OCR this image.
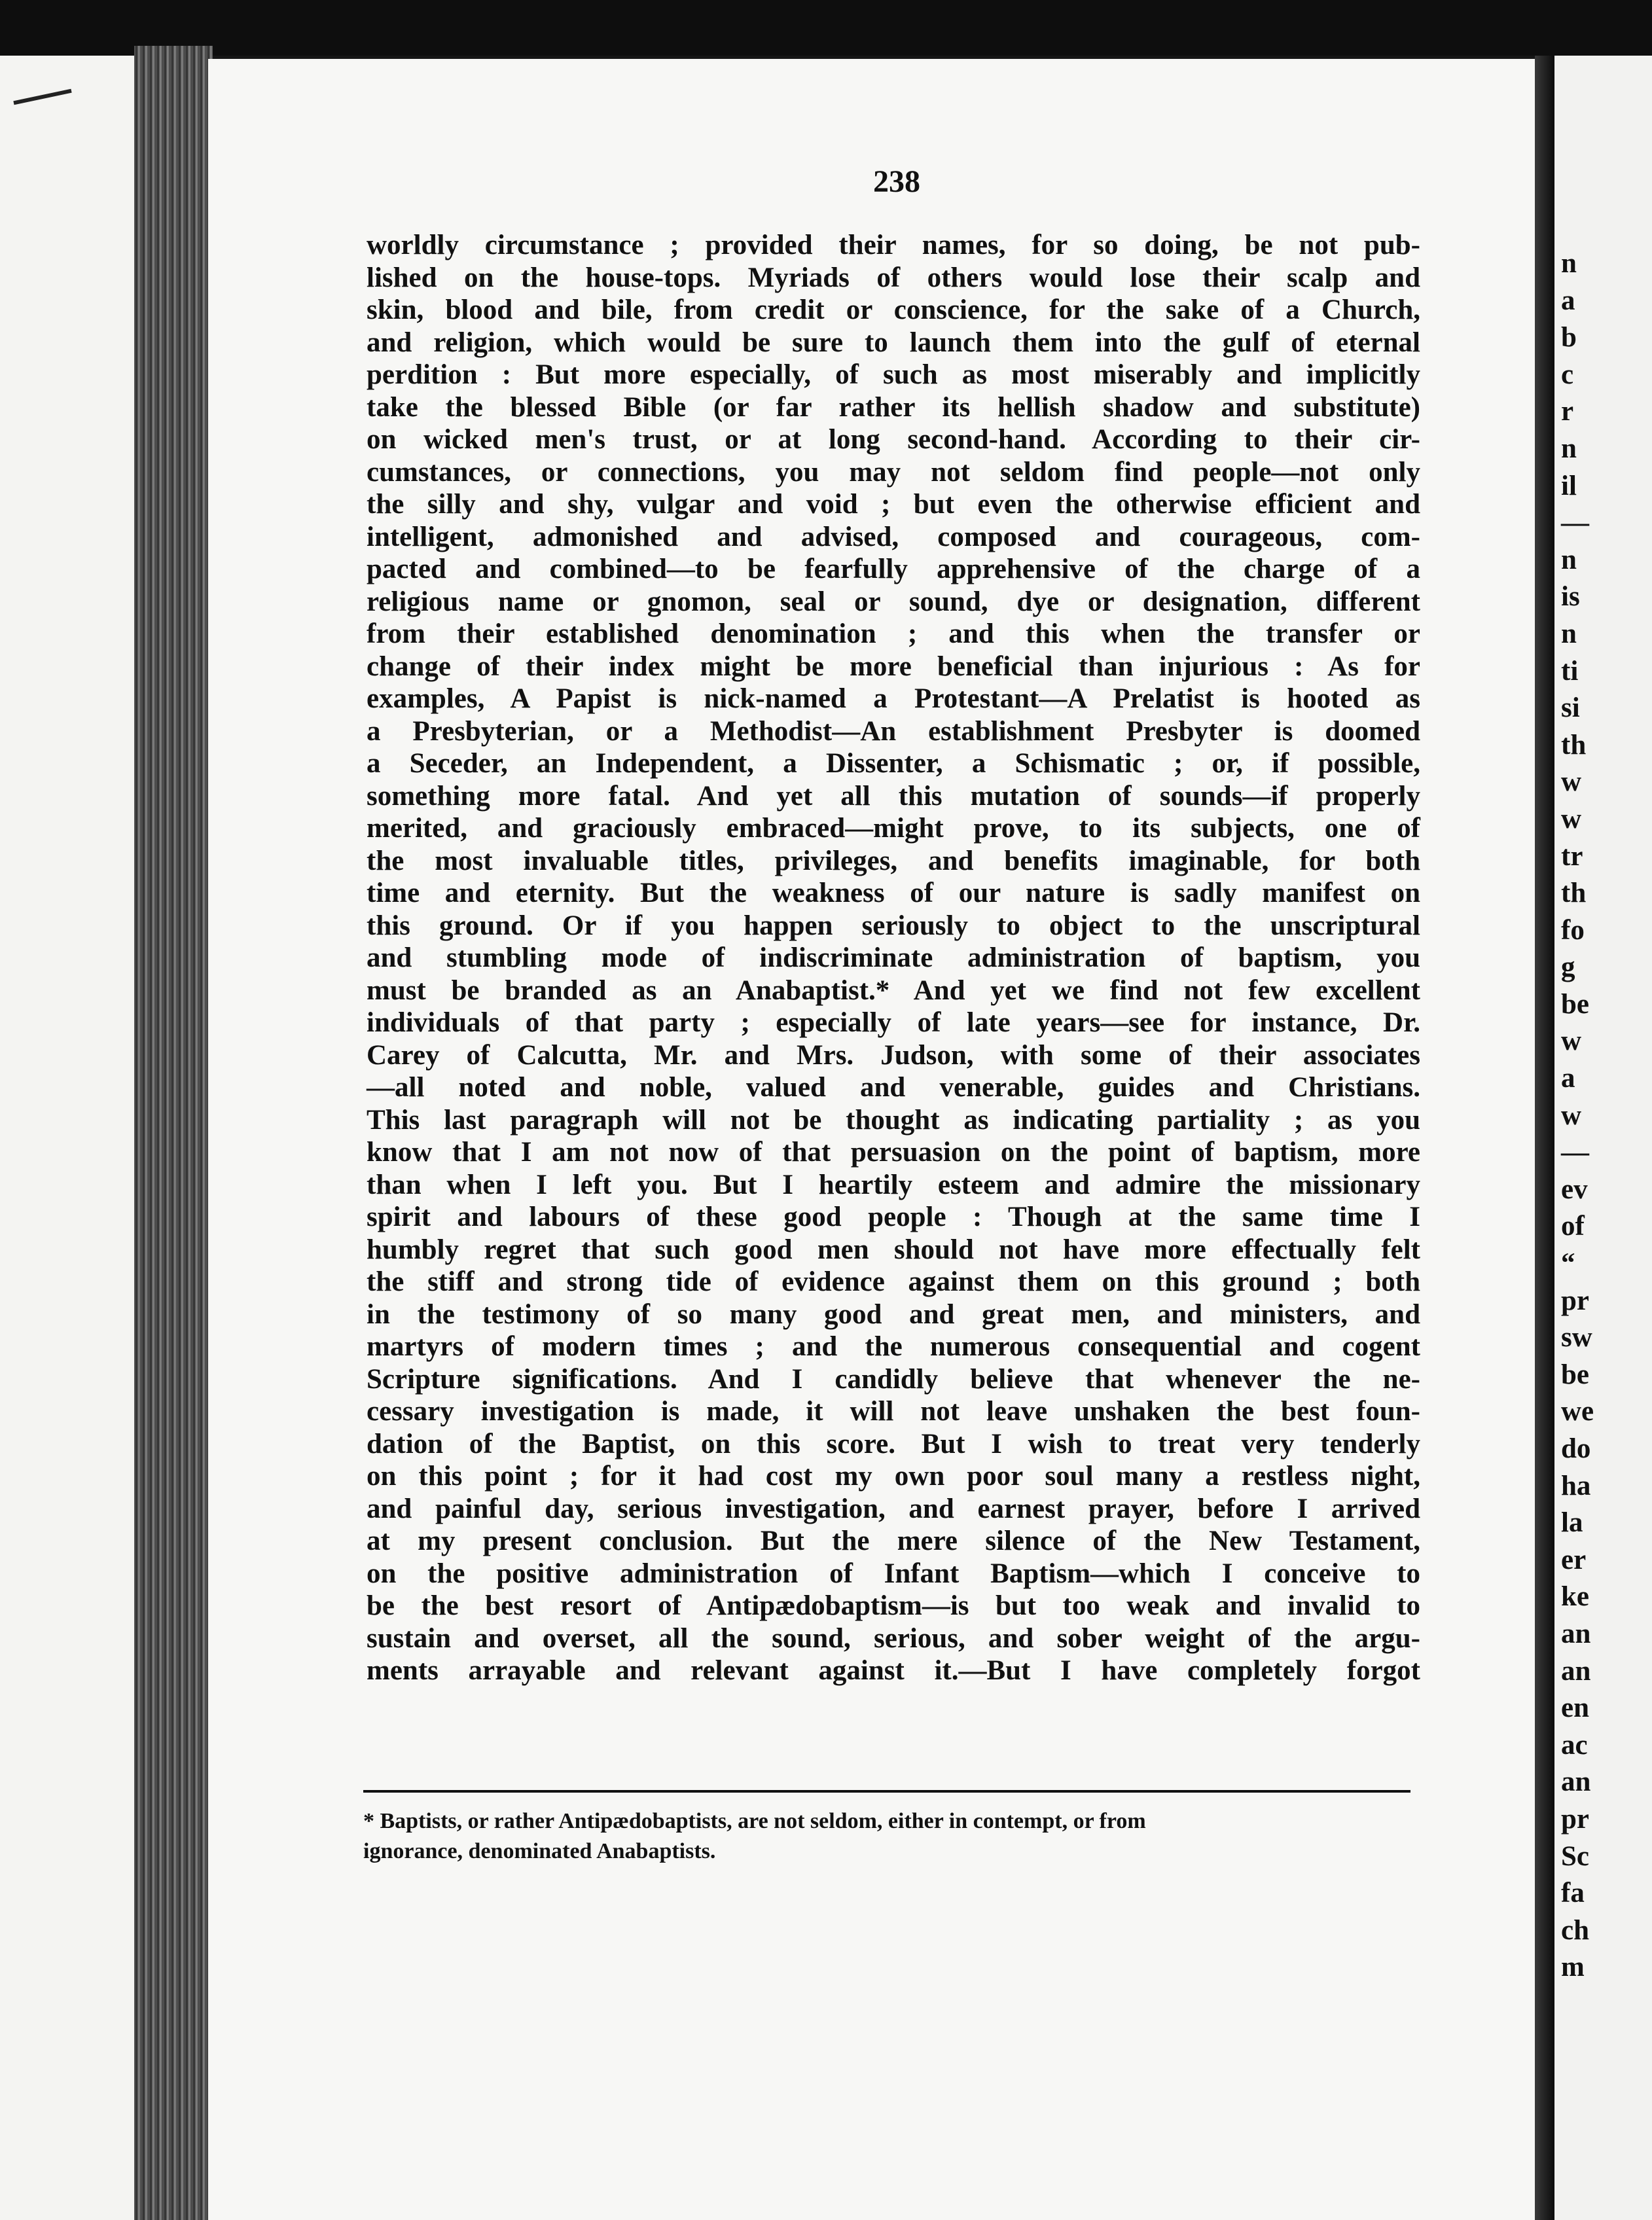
238
worldly circumstance ; provided their names, for so doing, be not pub-
lished on the house-tops. Myriads of others would lose their scalp and
skin, blood and bile, from credit or conscience, for the sake of a Church,
and religion, which would be sure to launch them into the gulf of eternal
perdition : But more especially, of such as most miserably and implicitly
take the blessed Bible (or far rather its hellish shadow and substitute)
on wicked men's trust, or at long second-hand. According to their cir-
cumstances, or connections, you may not seldom find people—not only
the silly and shy, vulgar and void ; but even the otherwise efficient and
intelligent, admonished and advised, composed and courageous, com-
pacted and combined—to be fearfully apprehensive of the charge of a
religious name or gnomon, seal or sound, dye or designation, different
from their established denomination ; and this when the transfer or
change of their index might be more beneficial than injurious : As for
examples, A Papist is nick-named a Protestant—A Prelatist is hooted as
a Presbyterian, or a Methodist—An establishment Presbyter is doomed
a Seceder, an Independent, a Dissenter, a Schismatic ; or, if possible,
something more fatal. And yet all this mutation of sounds—if properly
merited, and graciously embraced—might prove, to its subjects, one of
the most invaluable titles, privileges, and benefits imaginable, for both
time and eternity. But the weakness of our nature is sadly manifest on
this ground. Or if you happen seriously to object to the unscriptural
and stumbling mode of indiscriminate administration of baptism, you
must be branded as an Anabaptist.* And yet we find not few excellent
individuals of that party ; especially of late years—see for instance, Dr.
Carey of Calcutta, Mr. and Mrs. Judson, with some of their associates
—all noted and noble, valued and venerable, guides and Christians.
This last paragraph will not be thought as indicating partiality ; as you
know that I am not now of that persuasion on the point of baptism, more
than when I left you. But I heartily esteem and admire the missionary
spirit and labours of these good people : Though at the same time I
humbly regret that such good men should not have more effectually felt
the stiff and strong tide of evidence against them on this ground ; both
in the testimony of so many good and great men, and ministers, and
martyrs of modern times ; and the numerous consequential and cogent
Scripture significations. And I candidly believe that whenever the ne-
cessary investigation is made, it will not leave unshaken the best foun-
dation of the Baptist, on this score. But I wish to treat very tenderly
on this point ; for it had cost my own poor soul many a restless night,
and painful day, serious investigation, and earnest prayer, before I arrived
at my present conclusion. But the mere silence of the New Testament,
on the positive administration of Infant Baptism—which I conceive to
be the best resort of Antipædobaptism—is but too weak and invalid to
sustain and overset, all the sound, serious, and sober weight of the argu-
ments arrayable and relevant against it.—But I have completely forgot
* Baptists, or rather Antipædobaptists, are not seldom, either in contempt, or from
ignorance, denominated Anabaptists.
n
a
b
c
r
n
il
—
n
is
n
ti
si
th
w
w
tr
th
fo
g
be
w
a
w
—
ev
of
“
pr
sw
be
we
do
ha
la
er
ke
an
an
en
ac
an
pr
Sc
fa
ch
m
